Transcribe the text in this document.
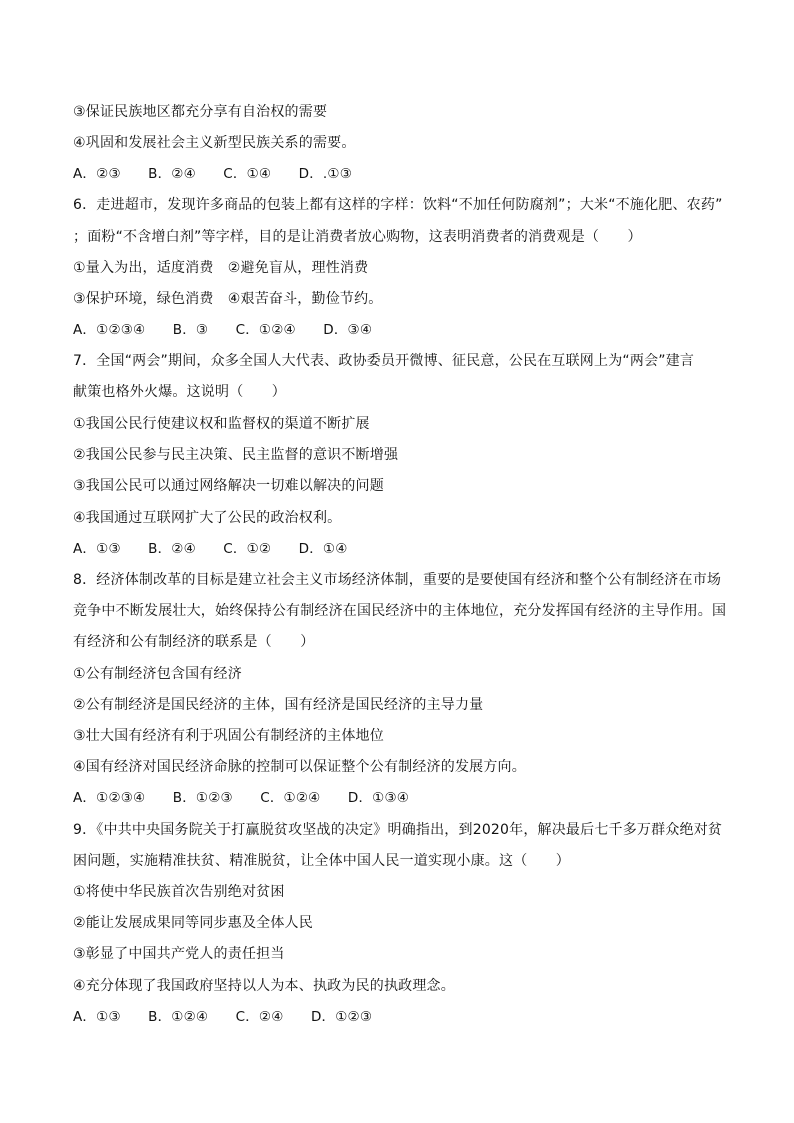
③保证民族地区都充分享有自治权的需要
④巩固和发展社会主义新型民族关系的需要。
A．②③　　B．②④　　C．①④　　D．.①③
6．走进超市，发现许多商品的包装上都有这样的字样：饮料“不加任何防腐剂”；大米“不施化肥、农药”
；面粉“不含增白剂”等字样，目的是让消费者放心购物，这表明消费者的消费观是（　　）
①量入为出，适度消费　②避免盲从，理性消费
③保护环境，绿色消费　④艰苦奋斗，勤俭节约。
A．①②③④　　B．③　　C．①②④　　D．③④
7．全国“两会”期间，众多全国人大代表、政协委员开微博、征民意，公民在互联网上为“两会”建言
献策也格外火爆。这说明（　　）
①我国公民行使建议权和监督权的渠道不断扩展
②我国公民参与民主决策、民主监督的意识不断增强
③我国公民可以通过网络解决一切难以解决的问题
④我国通过互联网扩大了公民的政治权利。
A．①③　　B．②④　　C．①②　　D．①④
8．经济体制改革的目标是建立社会主义市场经济体制，重要的是要使国有经济和整个公有制经济在市场
竞争中不断发展壮大，始终保持公有制经济在国民经济中的主体地位，充分发挥国有经济的主导作用。国
有经济和公有制经济的联系是（　　）
①公有制经济包含国有经济
②公有制经济是国民经济的主体，国有经济是国民经济的主导力量
③壮大国有经济有利于巩固公有制经济的主体地位
④国有经济对国民经济命脉的控制可以保证整个公有制经济的发展方向。
A．①②③④　　B．①②③　　C．①②④　　D．①③④
9．《中共中央国务院关于打赢脱贫攻坚战的决定》明确指出，到2020年，解决最后七千多万群众绝对贫
困问题，实施精准扶贫、精准脱贫，让全体中国人民一道实现小康。这（　　）
①将使中华民族首次告别绝对贫困
②能让发展成果同等同步惠及全体人民
③彰显了中国共产党人的责任担当
④充分体现了我国政府坚持以人为本、执政为民的执政理念。
A．①③　　B．①②④　　C．②④　　D．①②③
